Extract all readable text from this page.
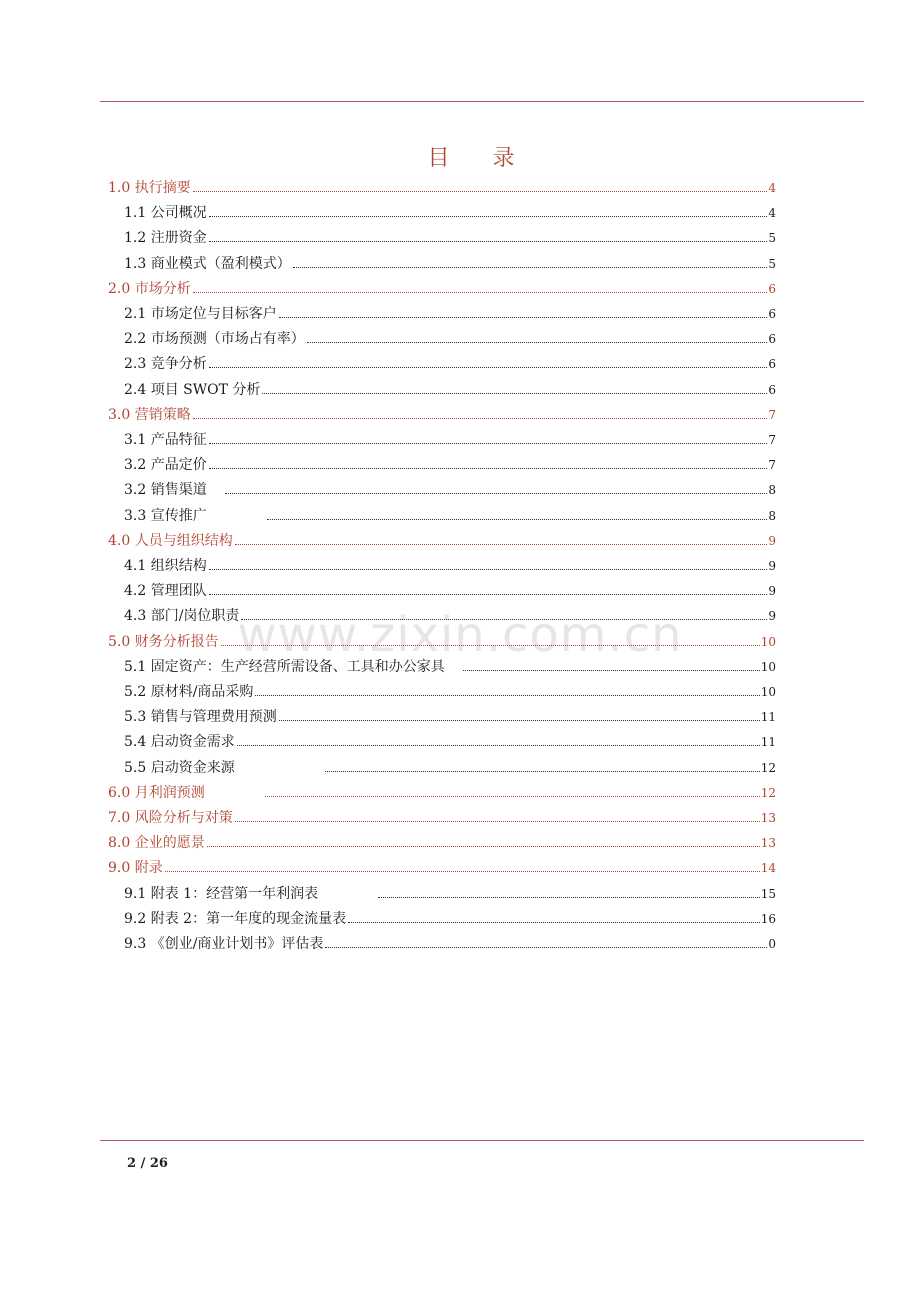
目 录
www.zixin.com.cn
1.0 执行摘要	4
1.1 公司概况	4
1.2 注册资金	5
1.3 商业模式（盈利模式）	5
2.0 市场分析	6
2.1 市场定位与目标客户	6
2.2 市场预测（市场占有率）	6
2.3 竞争分析	6
2.4 项目 SWOT 分析	6
3.0 营销策略	7
3.1 产品特征	7
3.2 产品定价	7
3.2 销售渠道	8
3.3 宣传推广	8
4.0 人员与组织结构	9
4.1 组织结构	9
4.2 管理团队	9
4.3 部门/岗位职责	9
5.0 财务分析报告	10
5.1 固定资产：生产经营所需设备、工具和办公家具	10
5.2 原材料/商品采购	10
5.3 销售与管理费用预测	11
5.4 启动资金需求	11
5.5 启动资金来源	12
6.0 月利润预测	12
7.0 风险分析与对策	13
8.0 企业的愿景	13
9.0 附录	14
9.1 附表 1：经营第一年利润表	15
9.2 附表 2：第一年度的现金流量表	16
9.3 《创业/商业计划书》评估表	0
2 / 26
